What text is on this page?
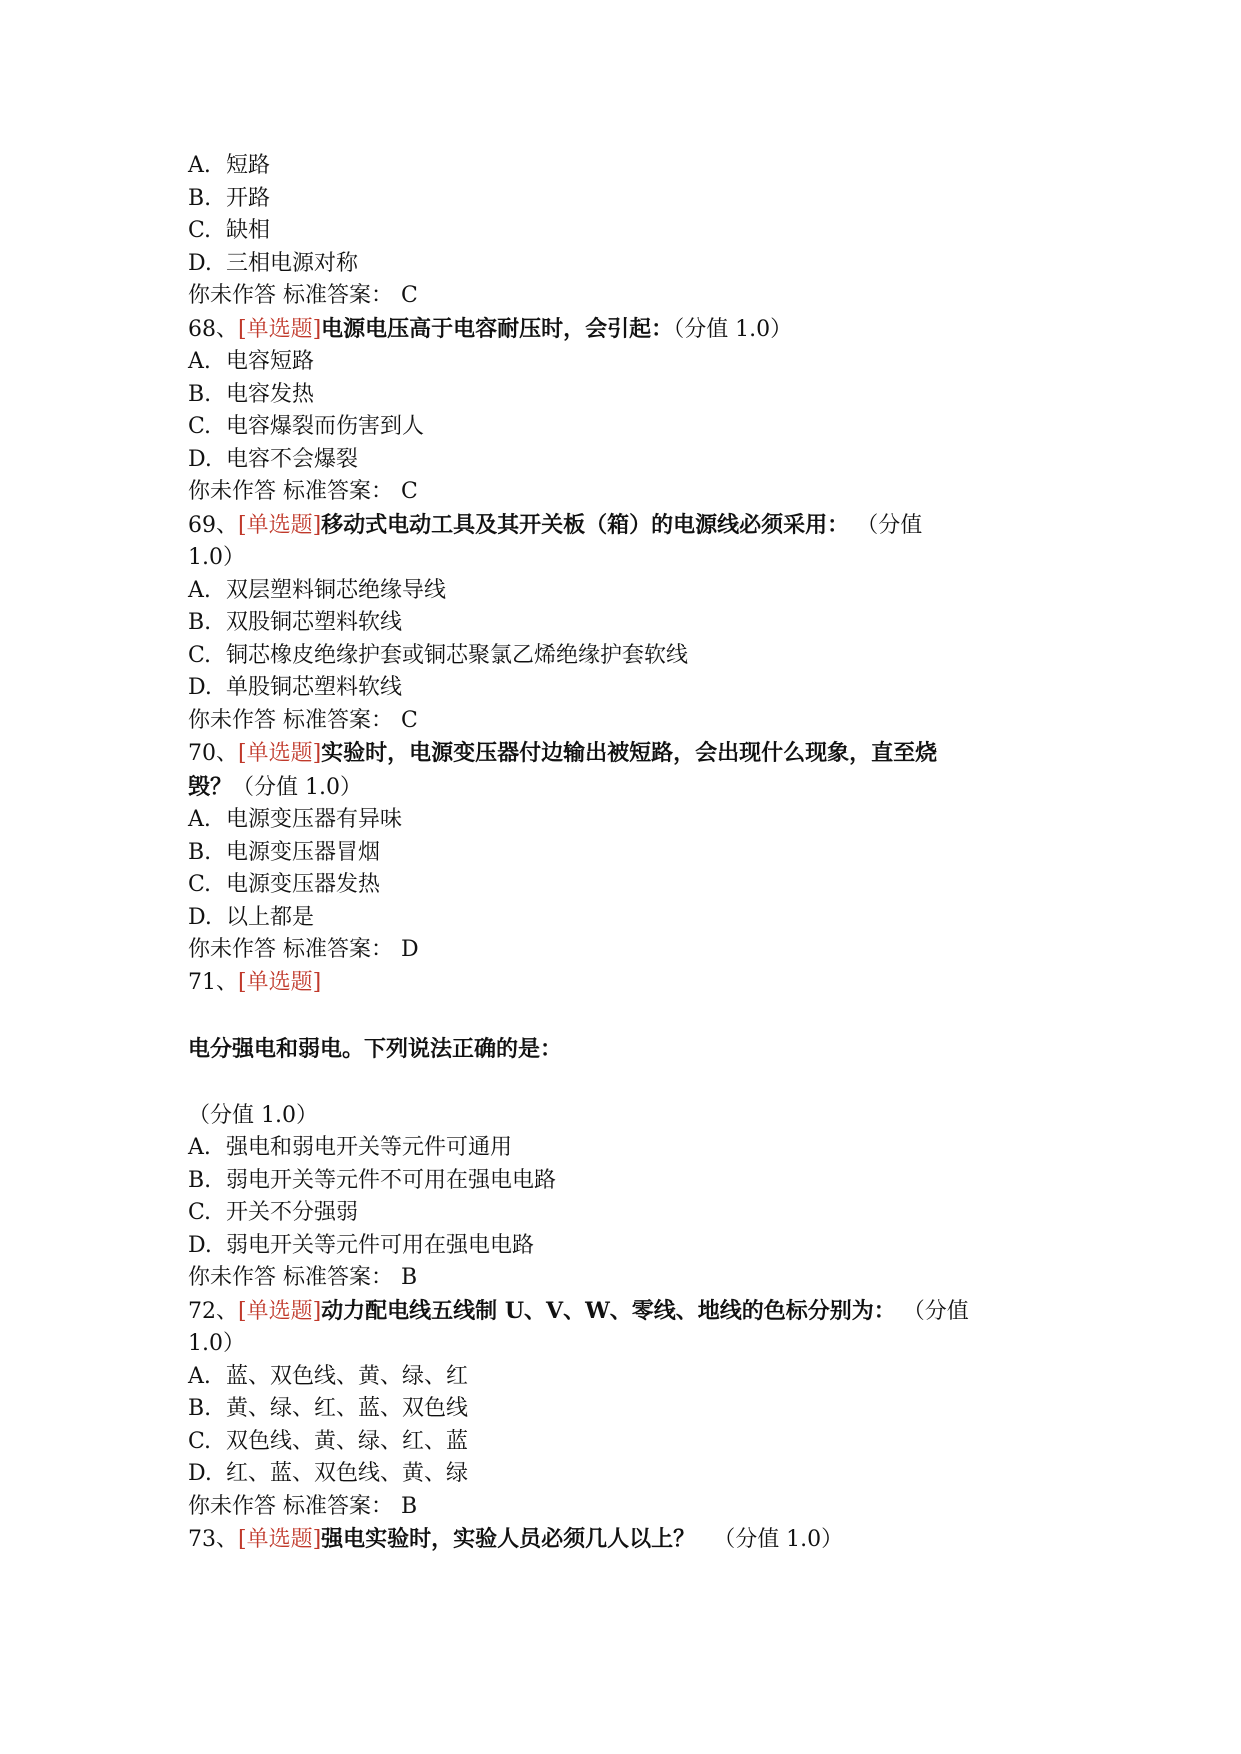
A. 短路
B. 开路
C. 缺相
D. 三相电源对称
你未作答 标准答案： C
68、[单选题]电源电压高于电容耐压时，会引起：（分值 1.0）
A. 电容短路
B. 电容发热
C. 电容爆裂而伤害到人
D. 电容不会爆裂
你未作答 标准答案： C
69、[单选题]移动式电动工具及其开关板（箱）的电源线必须采用： （分值
1.0）
A. 双层塑料铜芯绝缘导线
B. 双股铜芯塑料软线
C. 铜芯橡皮绝缘护套或铜芯聚氯乙烯绝缘护套软线
D. 单股铜芯塑料软线
你未作答 标准答案： C
70、[单选题]实验时，电源变压器付边输出被短路，会出现什么现象，直至烧
毁？（分值 1.0）
A. 电源变压器有异味
B. 电源变压器冒烟
C. 电源变压器发热
D. 以上都是
你未作答 标准答案： D
71、[单选题]
电分强电和弱电。下列说法正确的是：
（分值 1.0）
A. 强电和弱电开关等元件可通用
B. 弱电开关等元件不可用在强电电路
C. 开关不分强弱
D. 弱电开关等元件可用在强电电路
你未作答 标准答案： B
72、[单选题]动力配电线五线制 U、V、W、零线、地线的色标分别为： （分值
1.0）
A. 蓝、双色线、黄、绿、红
B. 黄、绿、红、蓝、双色线
C. 双色线、黄、绿、红、蓝
D. 红、蓝、双色线、黄、绿
你未作答 标准答案： B
73、[单选题]强电实验时，实验人员必须几人以上？ （分值 1.0）
